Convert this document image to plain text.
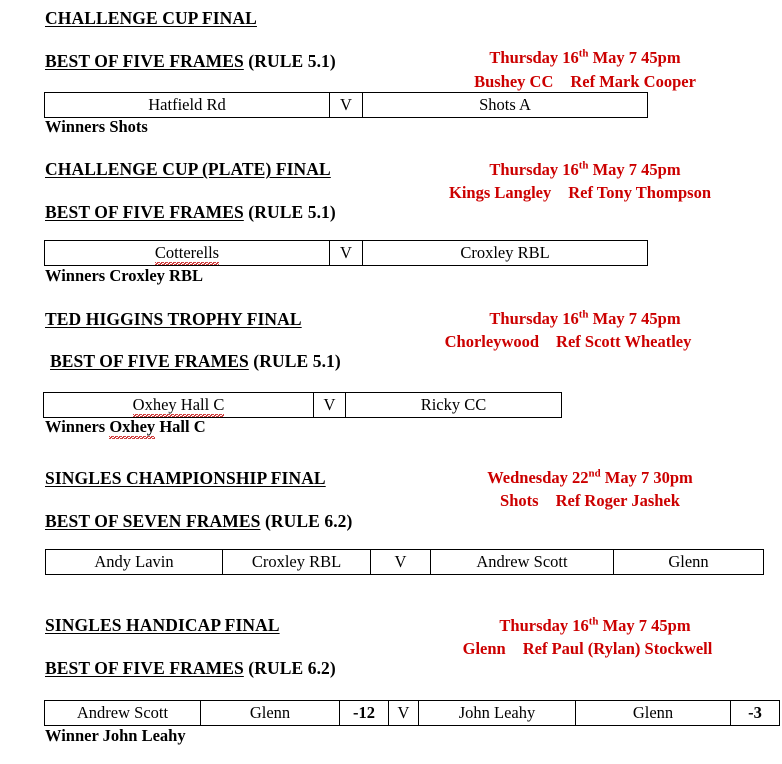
CHALLENGE CUP FINAL
BEST OF FIVE FRAMES (RULE 5.1)	Thursday 16th May 7 45pm
Bushey CC Ref Mark Cooper
Hatfield Rd	V	Shots A
Winners Shots
CHALLENGE CUP (PLATE) FINAL	Thursday 16th May 7 45pm
Kings Langley Ref Tony Thompson
BEST OF FIVE FRAMES (RULE 5.1)
Cotterells	V	Croxley RBL
Winners Croxley RBL
TED HIGGINS TROPHY FINAL	Thursday 16th May 7 45pm
Chorleywood Ref Scott Wheatley
BEST OF FIVE FRAMES (RULE 5.1)
Oxhey Hall C	V	Ricky CC
Winners Oxhey Hall C
SINGLES CHAMPIONSHIP FINAL	Wednesday 22nd May 7 30pm
Shots Ref Roger Jashek
BEST OF SEVEN FRAMES (RULE 6.2)
Andy Lavin	Croxley RBL	V	Andrew Scott	Glenn
SINGLES HANDICAP FINAL	Thursday 16th May 7 45pm
Glenn Ref Paul (Rylan) Stockwell
BEST OF FIVE FRAMES (RULE 6.2)
Andrew Scott	Glenn	-12	V	John Leahy	Glenn	-3
Winner John Leahy
